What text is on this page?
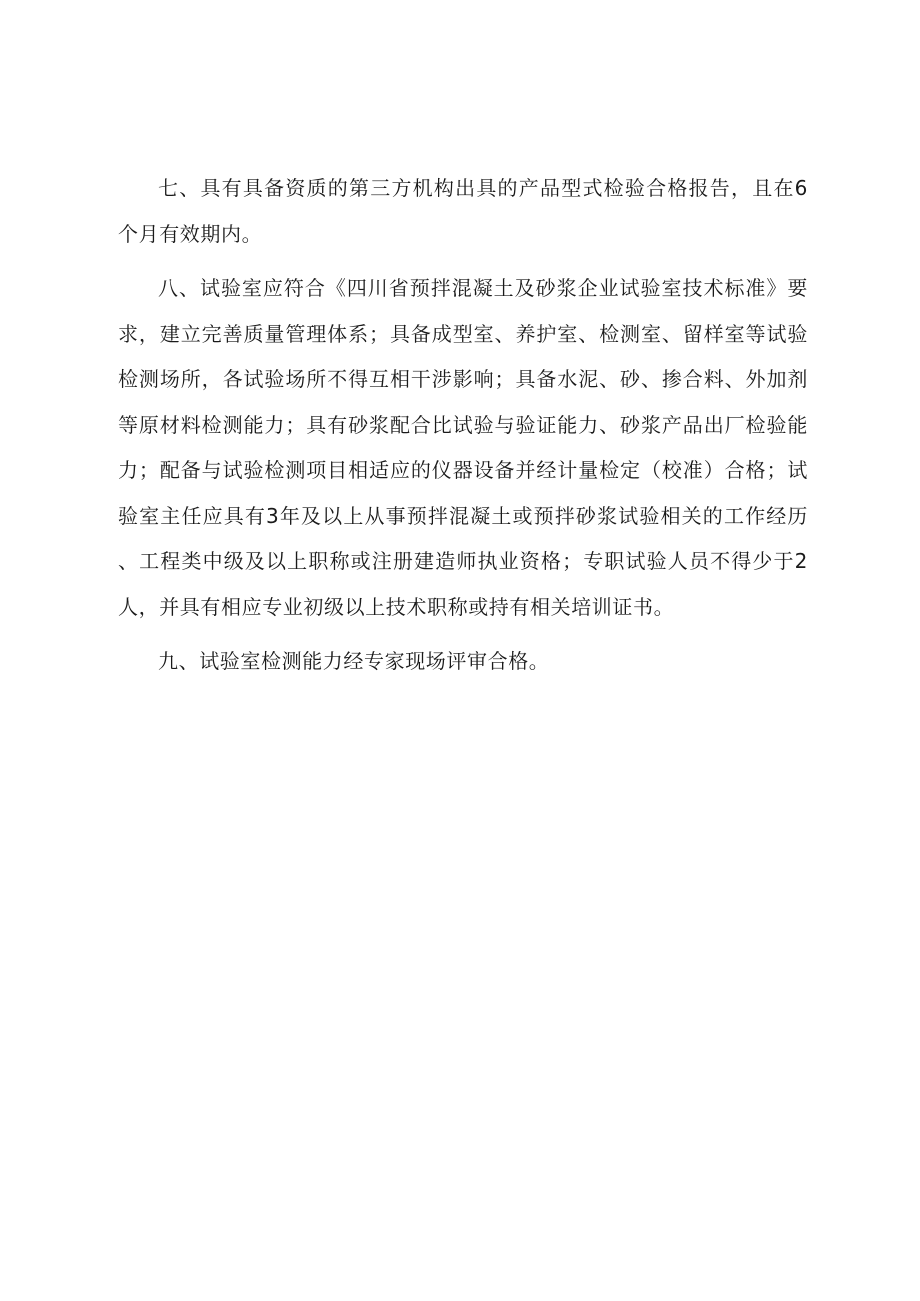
七、具有具备资质的第三方机构出具的产品型式检验合格报告，且在6个月有效期内。

八、试验室应符合《四川省预拌混凝土及砂浆企业试验室技术标准》要求，建立完善质量管理体系；具备成型室、养护室、检测室、留样室等试验检测场所，各试验场所不得互相干涉影响；具备水泥、砂、掺合料、外加剂等原材料检测能力；具有砂浆配合比试验与验证能力、砂浆产品出厂检验能力；配备与试验检测项目相适应的仪器设备并经计量检定（校准）合格；试验室主任应具有3年及以上从事预拌混凝土或预拌砂浆试验相关的工作经历、工程类中级及以上职称或注册建造师执业资格；专职试验人员不得少于2人，并具有相应专业初级以上技术职称或持有相关培训证书。

九、试验室检测能力经专家现场评审合格。
